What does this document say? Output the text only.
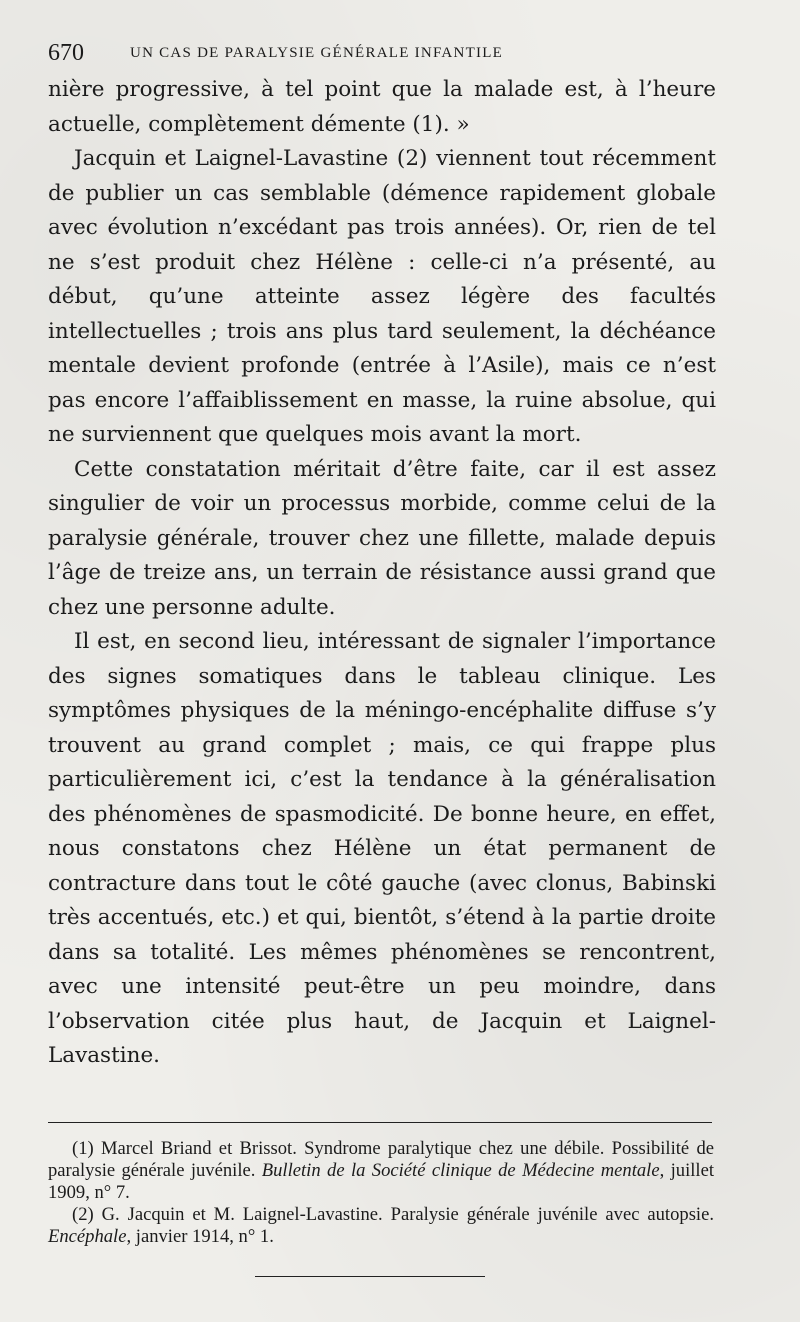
670	UN CAS DE PARALYSIE GÉNÉRALE INFANTILE

nière progressive, à tel point que la malade est, à l’heure actuelle, complètement démente (1). »

Jacquin et Laignel-Lavastine (2) viennent tout récemment de publier un cas semblable (démence rapidement globale avec évolution n’excédant pas trois années). Or, rien de tel ne s’est produit chez Hélène : celle-ci n’a présenté, au début, qu’une atteinte assez légère des facultés intellectuelles ; trois ans plus tard seulement, la déchéance mentale devient profonde (entrée à l’Asile), mais ce n’est pas encore l’affaiblissement en masse, la ruine absolue, qui ne surviennent que quelques mois avant la mort.

Cette constatation méritait d’être faite, car il est assez singulier de voir un processus morbide, comme celui de la paralysie générale, trouver chez une fillette, malade depuis l’âge de treize ans, un terrain de résistance aussi grand que chez une personne adulte.

Il est, en second lieu, intéressant de signaler l’importance des signes somatiques dans le tableau clinique. Les symptômes physiques de la méningo-encéphalite diffuse s’y trouvent au grand complet ; mais, ce qui frappe plus particulièrement ici, c’est la tendance à la généralisation des phénomènes de spasmodicité. De bonne heure, en effet, nous constatons chez Hélène un état permanent de contracture dans tout le côté gauche (avec clonus, Babinski très accentués, etc.) et qui, bientôt, s’étend à la partie droite dans sa totalité. Les mêmes phénomènes se rencontrent, avec une intensité peut-être un peu moindre, dans l’observation citée plus haut, de Jacquin et Laignel-Lavastine.

(1) Marcel Briand et Brissot. Syndrome paralytique chez une débile. Possibilité de paralysie générale juvénile. Bulletin de la Société clinique de Médecine mentale, juillet 1909, n° 7.

(2) G. Jacquin et M. Laignel-Lavastine. Paralysie générale juvénile avec autopsie. Encéphale, janvier 1914, n° 1.
